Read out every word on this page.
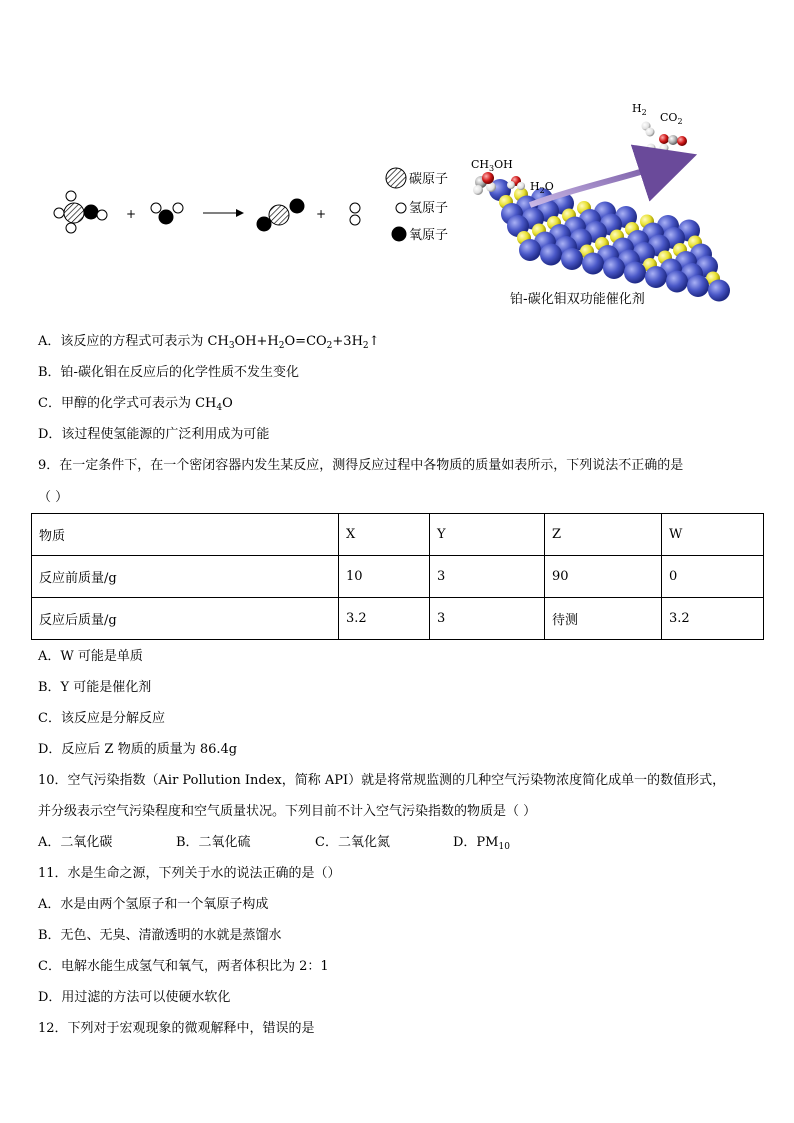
+	+
碳原子
氢原子
氧原子
$H_2$ $CO_2$
$CH_3OH$
$H_2O$
铂-碳化钼双功能催化剂
A．该反应的方程式可表示为 $CH_3OH+H_2O=CO_2+3H_2↑$
B．铂-碳化钼在反应后的化学性质不发生变化
C．甲醇的化学式可表示为 $CH_4O$
D．该过程使氢能源的广泛利用成为可能
9．在一定条件下，在一个密闭容器内发生某反应，测得反应过程中各物质的质量如表所示，下列说法不正确的是
（ ）
物质	X	Y	Z	W
反应前质量/g	10	3	90	0
反应后质量/g	3.2	3	待测	3.2
A．W 可能是单质
B．Y 可能是催化剂
C．该反应是分解反应
D．反应后 Z 物质的质量为 86.4g
10．空气污染指数（Air Pollution Index，简称 API）就是将常规监测的几种空气污染物浓度简化成单一的数值形式，
并分级表示空气污染程度和空气质量状况。下列目前不计入空气污染指数的物质是（ ）
A．二氧化碳	B．二氧化硫	C．二氧化氮	D．$PM_{10}$
11．水是生命之源，下列关于水的说法正确的是（）
A．水是由两个氢原子和一个氧原子构成
B．无色、无臭、清澈透明的水就是蒸馏水
C．电解水能生成氢气和氧气，两者体积比为 2：1
D．用过滤的方法可以使硬水软化
12．下列对于宏观现象的微观解释中，错误的是
